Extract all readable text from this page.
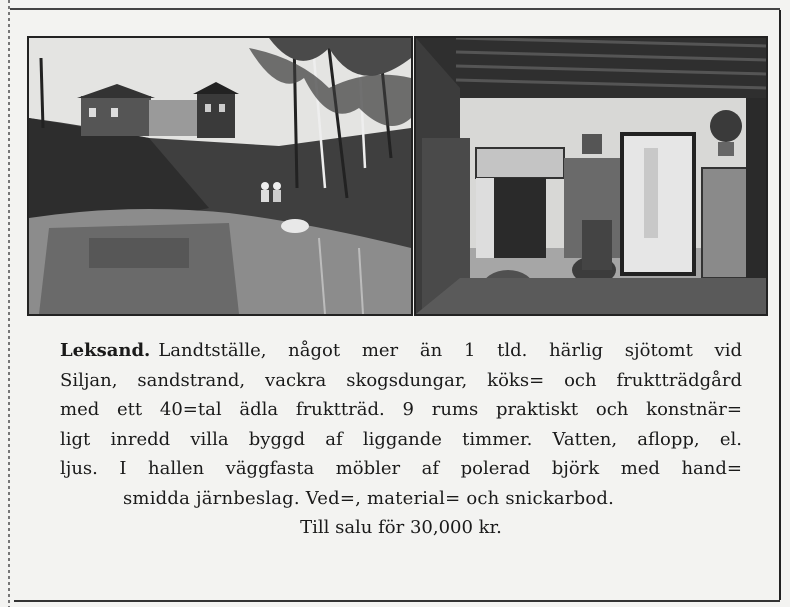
Leksand. Landtställe, något mer än 1 tld. härlig sjötomt vid
Siljan, sandstrand, vackra skogsdungar, köks= och fruktträdgård
med ett 40=tal ädla fruktträd. 9 rums praktiskt och konstnär=
ligt inredd villa byggd af liggande timmer. Vatten, aflopp, el.
ljus. I hallen väggfasta möbler af polerad björk med hand=
smidda järnbeslag. Ved=, material= och snickarbod.
Till salu för 30,000 kr.
